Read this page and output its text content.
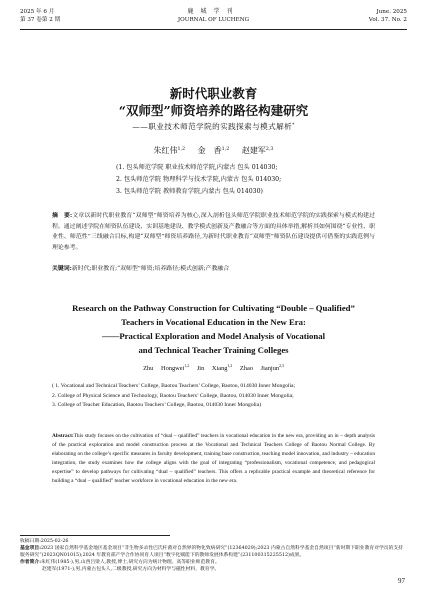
2025 年 6 月
第 37 卷第 2 期
鹿城学刊
JOURNAL OF LUCHENG
June. 2025
Vol. 37. No. 2
新时代职业教育
“双师型”师资培养的路径构建研究
——职业技术师范学院的实践探索与模式解析*
朱红伟$^{1,2}$ 金　香$^{1,2}$ 赵建军$^{2,3}$
(1. 包头师范学院 职业技术师范学院,内蒙古 包头 014030;
2. 包头师范学院 物理科学与技术学院,内蒙古 包头 014030;
3. 包头师范学院 教师教育学院,内蒙古 包头 014030)
摘　要:文章以新时代职业教育“双师型”师资培养为核心,深入剖析包头师范学院职业技术师范学院的实践探索与模式构建过程。通过阐述学院在师资队伍建设、实训基地建设、教学模式创新及产教融合等方面的具体举措,解析其如何围绕“专业性、职业性、师范性”三线融合目标,构建“双师型”师资培养路径,为新时代职业教育“双师型”师资队伍建设提供可借鉴的实践范例与理论参考。
关键词:新时代;职业教育;“双师型”师资;培养路径;模式创新;产教融合
Research on the Pathway Construction for Cultivating “Double – Qualified”
Teachers in Vocational Education in the New Era:
——Practical Exploration and Model Analysis of Vocational
and Technical Teacher Training Colleges
Zhu Hongwei$^{1,2}$ Jin Xiang$^{1,2}$ Zhao Jianjun$^{2,3}$
( 1. Vocational and Technical Teachers’ College, Baotou Teachers’ College, Baotou, 014030 Inner Mongolia;
2. College of Physical Science and Technology, Baotou Teachers’ College, Baotou, 014030 Inner Mongolia;
3. College of Teacher Education, Baotou Teachers’ College, Baotou, 014030 Inner Mongolia)
Abstract:This study focuses on the cultivation of “dual – qualified” teachers in vocational education in the new era, providing an in – depth analysis of the practical exploration and model construction process at the Vocational and Technical Teachers College of Baotou Normal College. By elaborating on the college’s specific measures in faculty development, training base construction, teaching model innovation, and industry – education integration, the study examines how the college aligns with the goal of integrating “professionalism, vocational competence, and pedagogical expertise” to develop pathways for cultivating “dual – qualified” teachers. This offers a replicable practical example and theoretical reference for building a “dual – qualified” teacher workforce in vocational education in the new era.
收稿日期:2025-02-26
基金项目:2023 国家自然科学基金地区基金项目“非生物多杀性巴氏杆菌对自然界的物化致病研究”(12364029);2023 内蒙古自然科学基金自然项目“新时期下职业教育对学员的支持服务研究”(2023QN01015);2024 年教育部产学合作协同育人项目“数字化赋能下的教师发展体系构建”(231100315225512)成果。
作者简介:朱红伟(1985-),男,山西吕梁人,教授,博士,研究方向为统计物理、高等职业师范教育。
赵建军(1971-),男,内蒙古包头人,二级教授,研究方向为材料学与磁性材料、教育学。
97
